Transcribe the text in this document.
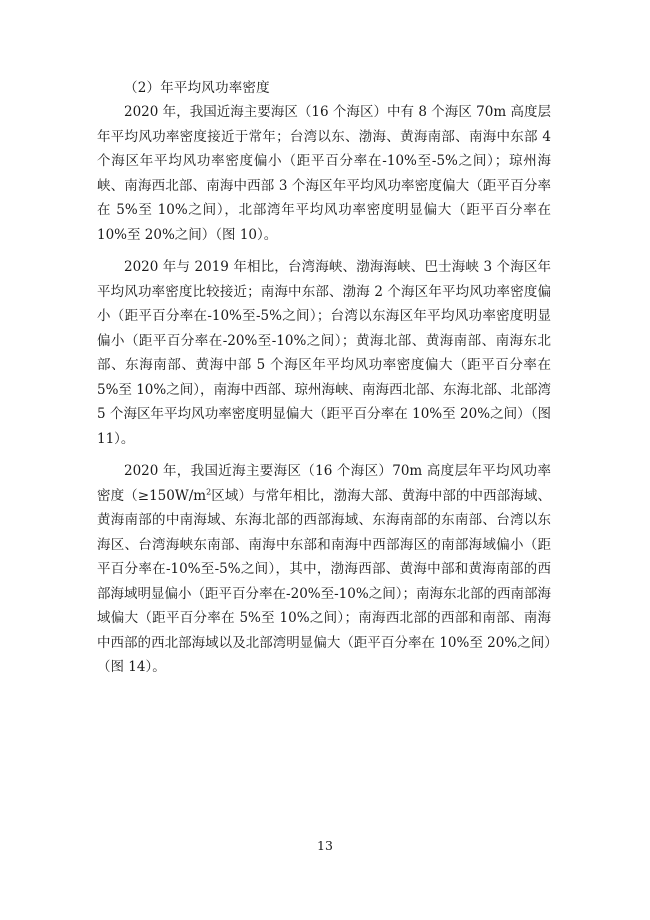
（2）年平均风功率密度

2020 年，我国近海主要海区（16 个海区）中有 8 个海区 70m 高度层年平均风功率密度接近于常年；台湾以东、渤海、黄海南部、南海中东部 4 个海区年平均风功率密度偏小（距平百分率在-10%至-5%之间）；琼州海峡、南海西北部、南海中西部 3 个海区年平均风功率密度偏大（距平百分率在 5%至 10%之间），北部湾年平均风功率密度明显偏大（距平百分率在 10%至 20%之间）（图 10）。

2020 年与 2019 年相比，台湾海峡、渤海海峡、巴士海峡 3 个海区年平均风功率密度比较接近；南海中东部、渤海 2 个海区年平均风功率密度偏小（距平百分率在-10%至-5%之间）；台湾以东海区年平均风功率密度明显偏小（距平百分率在-20%至-10%之间）；黄海北部、黄海南部、南海东北部、东海南部、黄海中部 5 个海区年平均风功率密度偏大（距平百分率在 5%至 10%之间），南海中西部、琼州海峡、南海西北部、东海北部、北部湾 5 个海区年平均风功率密度明显偏大（距平百分率在 10%至 20%之间）（图 11）。

2020 年，我国近海主要海区（16 个海区）70m 高度层年平均风功率密度（$\ge 150W/m^2$区域）与常年相比，渤海大部、黄海中部的中西部海域、黄海南部的中南海域、东海北部的西部海域、东海南部的东南部、台湾以东海区、台湾海峡东南部、南海中东部和南海中西部海区的南部海域偏小（距平百分率在-10%至-5%之间），其中，渤海西部、黄海中部和黄海南部的西部海域明显偏小（距平百分率在-20%至-10%之间）；南海东北部的西南部海域偏大（距平百分率在 5%至 10%之间）；南海西北部的西部和南部、南海中西部的西北部海域以及北部湾明显偏大（距平百分率在 10%至 20%之间）（图 14）。

13
